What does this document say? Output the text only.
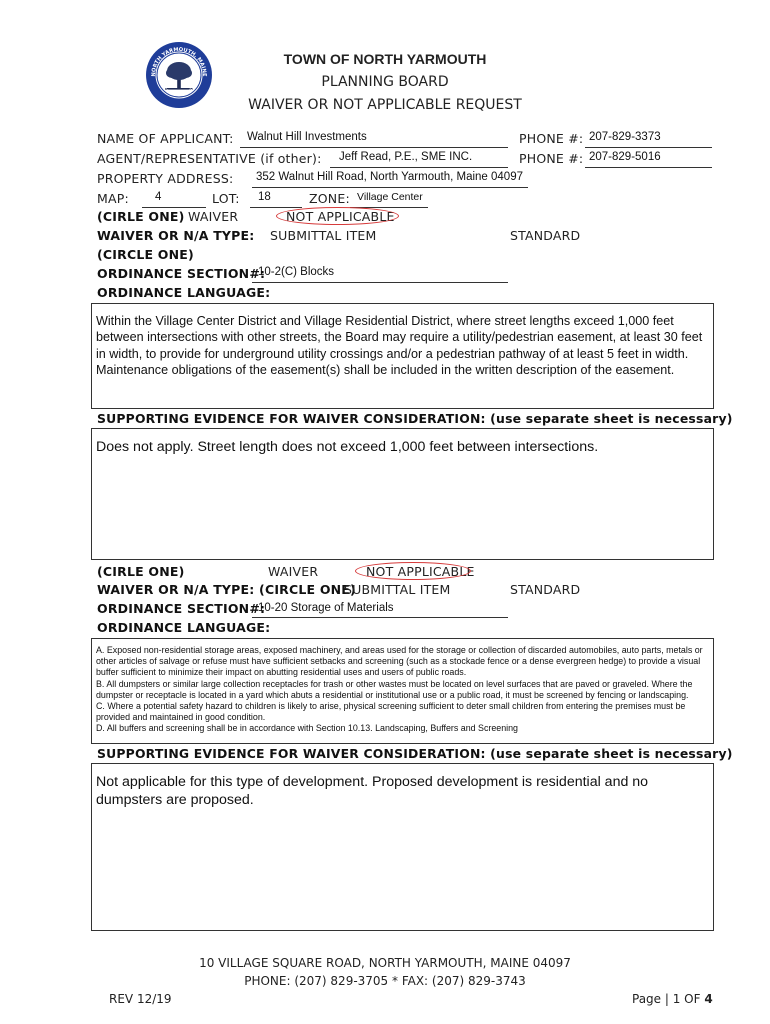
NORTH YARMOUTH, MAINE
Incorporated 1680
TOWN OF NORTH YARMOUTH
PLANNING BOARD
WAIVER OR NOT APPLICABLE REQUEST
NAME OF APPLICANT: Walnut Hill Investments	PHONE #: 207-829-3373
AGENT/REPRESENTATIVE (if other): Jeff Read, P.E., SME INC.	PHONE #: 207-829-5016
PROPERTY ADDRESS: 352 Walnut Hill Road, North Yarmouth, Maine 04097
MAP: 4	LOT: 18	ZONE: Village Center
(CIRLE ONE) WAIVER	NOT APPLICABLE
WAIVER OR N/A TYPE: SUBMITTAL ITEM	STANDARD
(CIRCLE ONE)
ORDINANCE SECTION#:
10-2(C) Blocks
ORDINANCE LANGUAGE:
Within the Village Center District and Village Residential District, where street lengths exceed 1,000 feet between intersections with other streets, the Board may require a utility/pedestrian easement, at least 30 feet in width, to provide for underground utility crossings and/or a pedestrian pathway of at least 5 feet in width. Maintenance obligations of the easement(s) shall be included in the written description of the easement.
SUPPORTING EVIDENCE FOR WAIVER CONSIDERATION: (use separate sheet is necessary)
Does not apply. Street length does not exceed 1,000 feet between intersections.
(CIRLE ONE)	WAIVER	NOT APPLICABLE
WAIVER OR N/A TYPE: (CIRCLE ONE)
SUBMITTAL ITEM	STANDARD
ORDINANCE SECTION#:
10-20 Storage of Materials
ORDINANCE LANGUAGE:
A. Exposed non-residential storage areas, exposed machinery, and areas used for the storage or collection of discarded automobiles, auto parts, metals or other articles of salvage or refuse must have sufficient setbacks and screening (such as a stockade fence or a dense evergreen hedge) to provide a visual buffer sufficient to minimize their impact on abutting residential uses and users of public roads.
B. All dumpsters or similar large collection receptacles for trash or other wastes must be located on level surfaces that are paved or graveled. Where the dumpster or receptacle is located in a yard which abuts a residential or institutional use or a public road, it must be screened by fencing or landscaping.
C. Where a potential safety hazard to children is likely to arise, physical screening sufficient to deter small children from entering the premises must be provided and maintained in good condition.
D. All buffers and screening shall be in accordance with Section 10.13. Landscaping, Buffers and Screening
SUPPORTING EVIDENCE FOR WAIVER CONSIDERATION: (use separate sheet is necessary)
Not applicable for this type of development. Proposed development is residential and no dumpsters are proposed.
10 VILLAGE SQUARE ROAD, NORTH YARMOUTH, MAINE 04097
PHONE: (207) 829-3705 * FAX: (207) 829-3743
REV 12/19	Page | 1 OF 4
